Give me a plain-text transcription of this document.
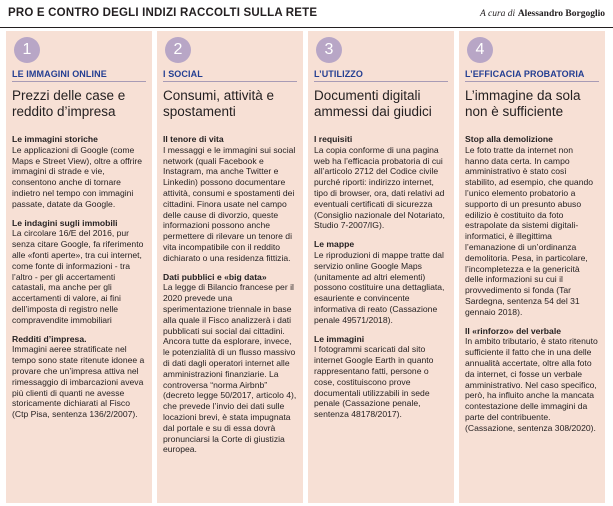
PRO E CONTRO DEGLI INDIZI RACCOLTI SULLA RETE	A cura di Alessandro Borgoglio
1
LE IMMAGINI ONLINE
Prezzi delle case e reddito d’impresa
Le immagini storiche

Le applicazioni di Google (come Maps e Street View), oltre a offrire immagini di strade e vie, consentono anche di tornare indietro nel tempo con immagini passate, datate da Google.

Le indagini sugli immobili

La circolare 16/E del 2016, pur senza citare Google, fa riferimento alle «fonti aperte», tra cui internet, come fonte di informazioni - tra l’altro - per gli accertamenti catastali, ma anche per gli accertamenti di valore, ai fini dell’imposta di registro nelle compravendite immobiliari

Redditi d’impresa.

Immagini aeree stratificate nel tempo sono state ritenute idonee a provare che un’impresa attiva nel rimessaggio di imbarcazioni aveva più clienti di quanti ne avesse storicamente dichiarati al Fisco (Ctp Pisa, sentenza 136/2/2007).

2
I SOCIAL
Consumi, attività e spostamenti
Il tenore di vita

I messaggi e le immagini sui social network (quali Facebook e Instagram, ma anche Twitter e Linkedin) possono documentare attività, consumi e spostamenti dei cittadini. Finora usate nel campo delle cause di divorzio, queste informazioni possono anche permettere di rilevare un tenore di vita incompatibile con il reddito dichiarato o una residenza fittizia.

Dati pubblici e «big data»

La legge di Bilancio francese per il 2020 prevede una sperimentazione triennale in base alla quale il Fisco analizzerà i dati pubblicati sui social dai cittadini. Ancora tutte da esplorare, invece, le potenzialità di un flusso massivo di dati dagli operatori internet alle amministrazioni finanziarie. La controversa “norma Airbnb” (decreto legge 50/2017, articolo 4), che prevede l’invio dei dati sulle locazioni brevi, è stata impugnata dal portale e su di essa dovrà pronunciarsi la Corte di giustizia europea.

3
L’UTILIZZO
Documenti digitali ammessi dai giudici
I requisiti

La copia conforme di una pagina web ha l’efficacia probatoria di cui all’articolo 2712 del Codice civile purché riporti: indirizzo internet, tipo di browser, ora, dati relativi ad eventuali certificati di sicurezza (Consiglio nazionale del Notariato, Studio 7-2007/IG).

Le mappe

Le riproduzioni di mappe tratte dal servizio online Google Maps (unitamente ad altri elementi) possono costituire una dettagliata, esauriente e convincente informativa di reato (Cassazione penale 49571/2018).

Le immagini

I fotogrammi scaricati dal sito internet Google Earth in quanto rappresentano fatti, persone o cose, costituiscono prove documentali utilizzabili in sede penale (Cassazione penale, sentenza 48178/2017).

4
L’EFFICACIA PROBATORIA
L’immagine da sola non è sufficiente
Stop alla demolizione

Le foto tratte da internet non hanno data certa. In campo amministrativo è stato così stabilito, ad esempio, che quando l’unico elemento probatorio a supporto di un presunto abuso edilizio è costituito da foto estrapolate da sistemi digitali-informatici, è illegittima l’emanazione di un’ordinanza demolitoria. Pesa, in particolare, l’incompletezza e la genericità delle informazioni su cui il provvedimento si fonda (Tar Sardegna, sentenza 54 del 31 gennaio 2018).

Il «rinforzo» del verbale

In ambito tributario, è stato ritenuto sufficiente il fatto che in una delle annualità accertate, oltre alla foto da internet, ci fosse un verbale amministrativo. Nel caso specifico, però, ha influito anche la mancata contestazione delle immagini da parte del contribuente. (Cassazione, sentenza 308/2020).
